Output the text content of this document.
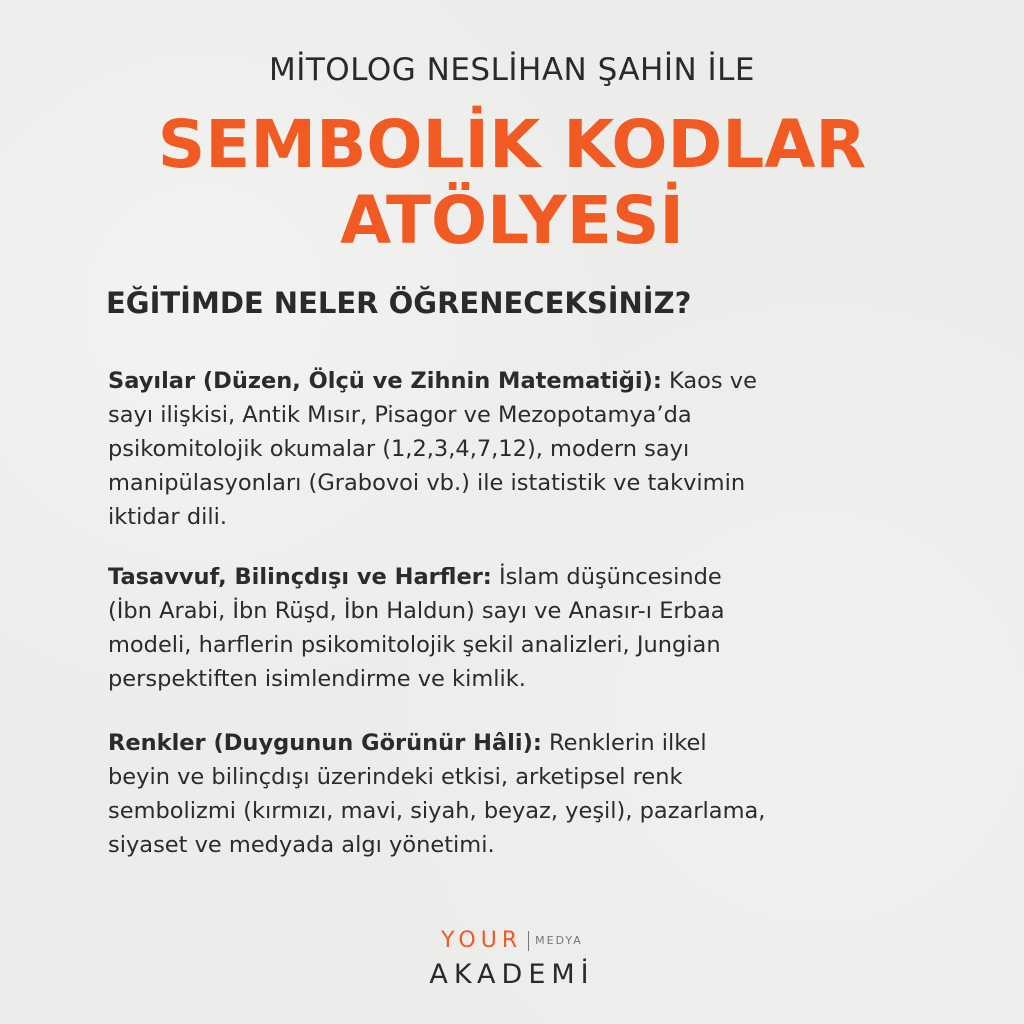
MİTOLOG NESLİHAN ŞAHİN İLE
SEMBOLİK KODLAR
ATÖLYESİ
EĞİTİMDE NELER ÖĞRENECEKSİNİZ?
Sayılar (Düzen, Ölçü ve Zihnin Matematiği): Kaos ve
sayı ilişkisi, Antik Mısır, Pisagor ve Mezopotamya’da
psikomitolojik okumalar (1,2,3,4,7,12), modern sayı
manipülasyonları (Grabovoi vb.) ile istatistik ve takvimin
iktidar dili.
Tasavvuf, Bilinçdışı ve Harfler: İslam düşüncesinde
(İbn Arabi, İbn Rüşd, İbn Haldun) sayı ve Anasır-ı Erbaa
modeli, harflerin psikomitolojik şekil analizleri, Jungian
perspektiften isimlendirme ve kimlik.
Renkler (Duygunun Görünür Hâli): Renklerin ilkel
beyin ve bilinçdışı üzerindeki etkisi, arketipsel renk
sembolizmi (kırmızı, mavi, siyah, beyaz, yeşil), pazarlama,
siyaset ve medyada algı yönetimi.
YOUR MEDYA
AKADEMİ
